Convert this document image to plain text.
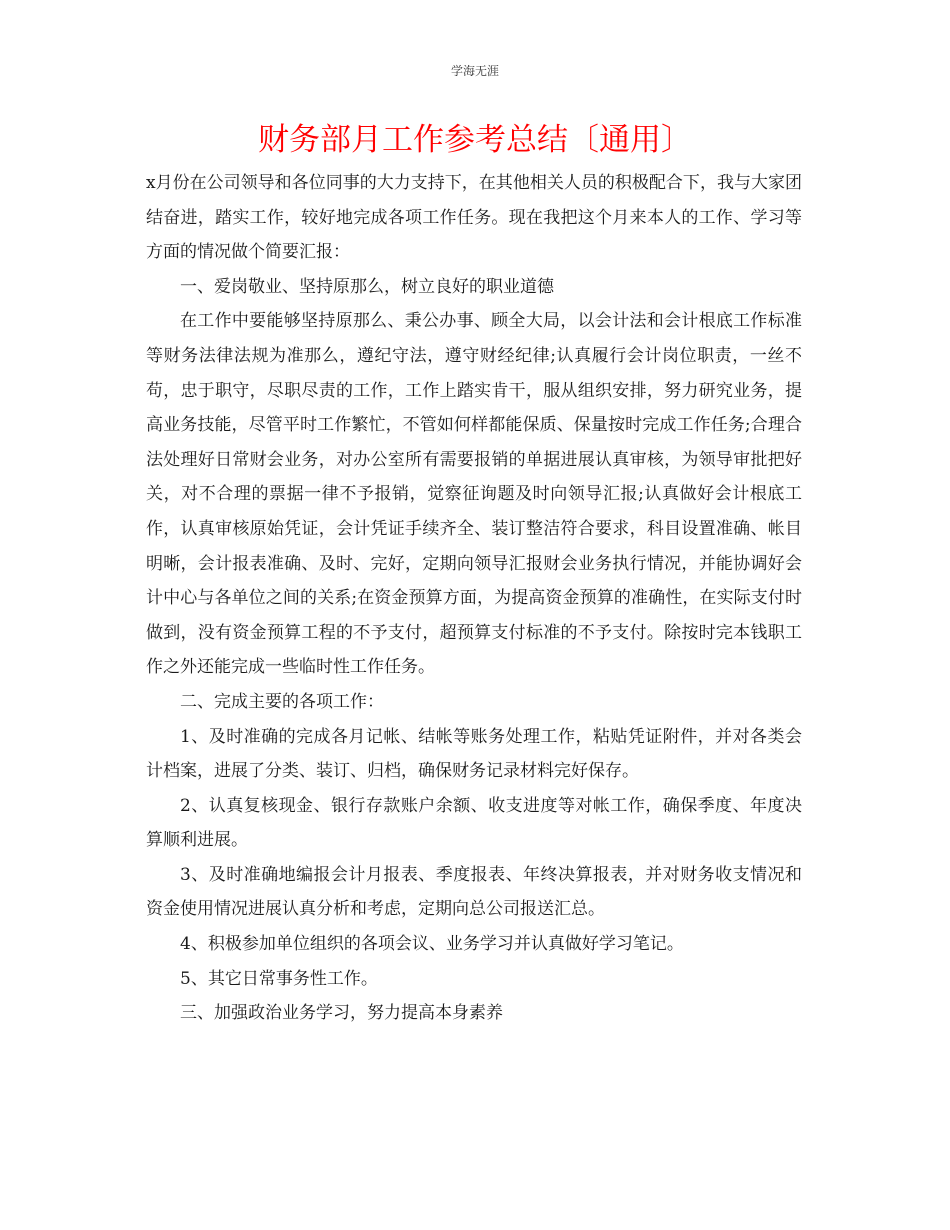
学海无涯
财务部月工作参考总结〔通用〕

x月份在公司领导和各位同事的大力支持下，在其他相关人员的积极配合下，我与大家团结奋进，踏实工作，较好地完成各项工作任务。现在我把这个月来本人的工作、学习等方面的情况做个简要汇报：

一、爱岗敬业、坚持原那么，树立良好的职业道德

在工作中要能够坚持原那么、秉公办事、顾全大局，以会计法和会计根底工作标准等财务法律法规为准那么，遵纪守法，遵守财经纪律;认真履行会计岗位职责，一丝不苟，忠于职守，尽职尽责的工作，工作上踏实肯干，服从组织安排，努力研究业务，提高业务技能，尽管平时工作繁忙，不管如何样都能保质、保量按时完成工作任务;合理合法处理好日常财会业务，对办公室所有需要报销的单据进展认真审核，为领导审批把好关，对不合理的票据一律不予报销，觉察征询题及时向领导汇报;认真做好会计根底工作，认真审核原始凭证，会计凭证手续齐全、装订整洁符合要求，科目设置准确、帐目明晰，会计报表准确、及时、完好，定期向领导汇报财会业务执行情况，并能协调好会计中心与各单位之间的关系;在资金预算方面，为提高资金预算的准确性，在实际支付时做到，没有资金预算工程的不予支付，超预算支付标准的不予支付。除按时完本钱职工作之外还能完成一些临时性工作任务。

二、完成主要的各项工作：

1、及时准确的完成各月记帐、结帐等账务处理工作，粘贴凭证附件，并对各类会计档案，进展了分类、装订、归档，确保财务记录材料完好保存。

2、认真复核现金、银行存款账户余额、收支进度等对帐工作，确保季度、年度决算顺利进展。

3、及时准确地编报会计月报表、季度报表、年终决算报表，并对财务收支情况和资金使用情况进展认真分析和考虑，定期向总公司报送汇总。

4、积极参加单位组织的各项会议、业务学习并认真做好学习笔记。

5、其它日常事务性工作。

三、加强政治业务学习，努力提高本身素养
